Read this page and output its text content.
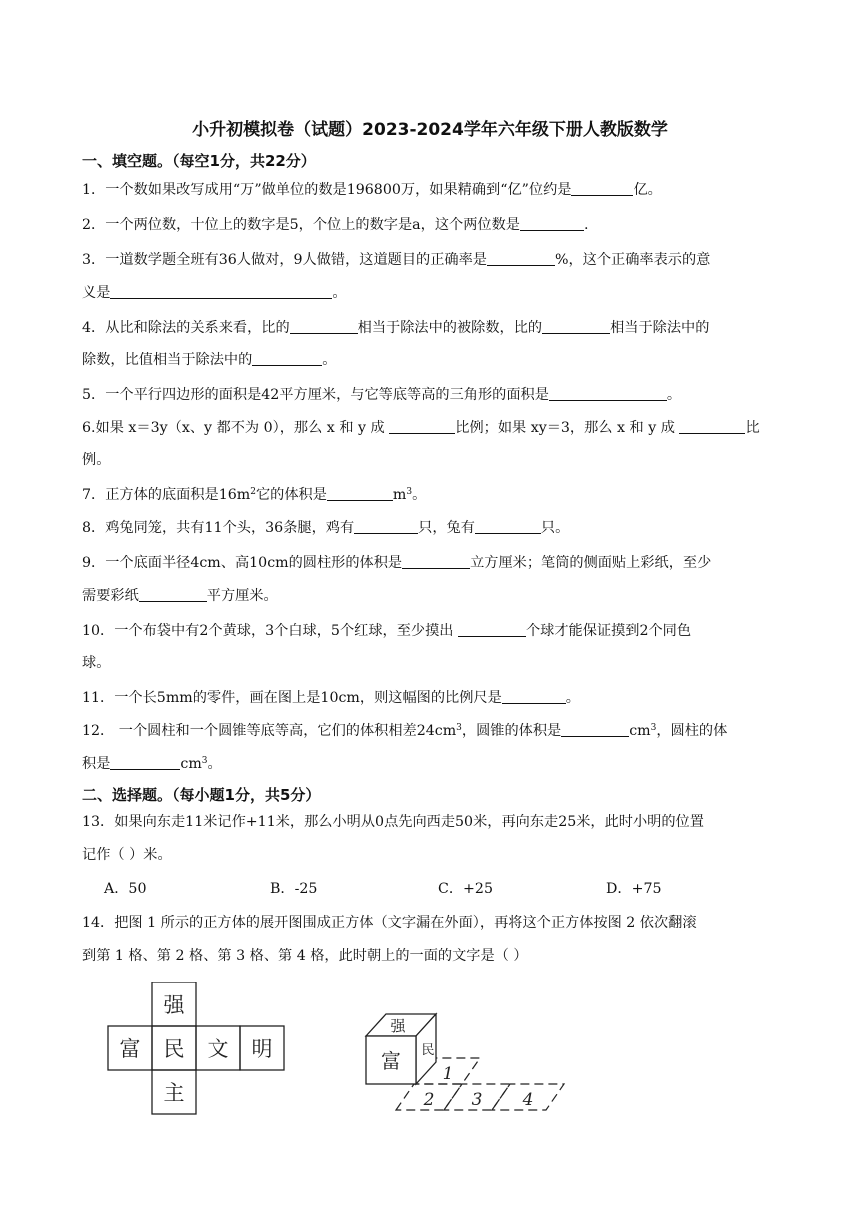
小升初模拟卷（试题）2023-2024学年六年级下册人教版数学
一、填空题。（每空1分，共22分）
1．一个数如果改写成用“万”做单位的数是196800万，如果精确到“亿”位约是	亿。
2．一个两位数，十位上的数字是5，个位上的数字是a，这个两位数是	.
3．一道数学题全班有36人做对，9人做错，这道题目的正确率是	%，这个正确率表示的意
义是	。
4．从比和除法的关系来看，比的	相当于除法中的被除数，比的	相当于除法中的
除数，比值相当于除法中的	。
5．一个平行四边形的面积是42平方厘米，与它等底等高的三角形的面积是	。
6.如果 x＝3y（x、y 都不为 0），那么 x 和 y 成	比例；如果 xy＝3，那么 x 和 y 成	比
例。
7．正方体的底面积是$16m^2$它的体积是	$m^3$。
8．鸡兔同笼，共有11个头，36条腿，鸡有	只，兔有	只。
9．一个底面半径4cm、高10cm的圆柱形的体积是	立方厘米；笔筒的侧面贴上彩纸，至少
需要彩纸	平方厘米。
10．一个布袋中有2个黄球，3个白球，5个红球，至少摸出	个球才能保证摸到2个同色
球。
11．一个长5mm的零件，画在图上是10cm，则这幅图的比例尺是	。
12． 一个圆柱和一个圆锥等底等高，它们的体积相差$24cm^3$，圆锥的体积是	$cm^3$，圆柱的体
积是	$cm^3$。
二、选择题。（每小题1分，共5分）
13．如果向东走11米记作+11米，那么小明从0点先向西走50米，再向东走25米，此时小明的位置
记作（ ）米。
A．50	B．-25	C．+25	D．+75
14．把图 1 所示的正方体的展开图围成正方体（文字漏在外面），再将这个正方体按图 2 依次翻滚
到第 1 格、第 2 格、第 3 格、第 4 格，此时朝上的一面的文字是（ ）
强
富 民 文 明
主
强
富 民
1
2 3 4
